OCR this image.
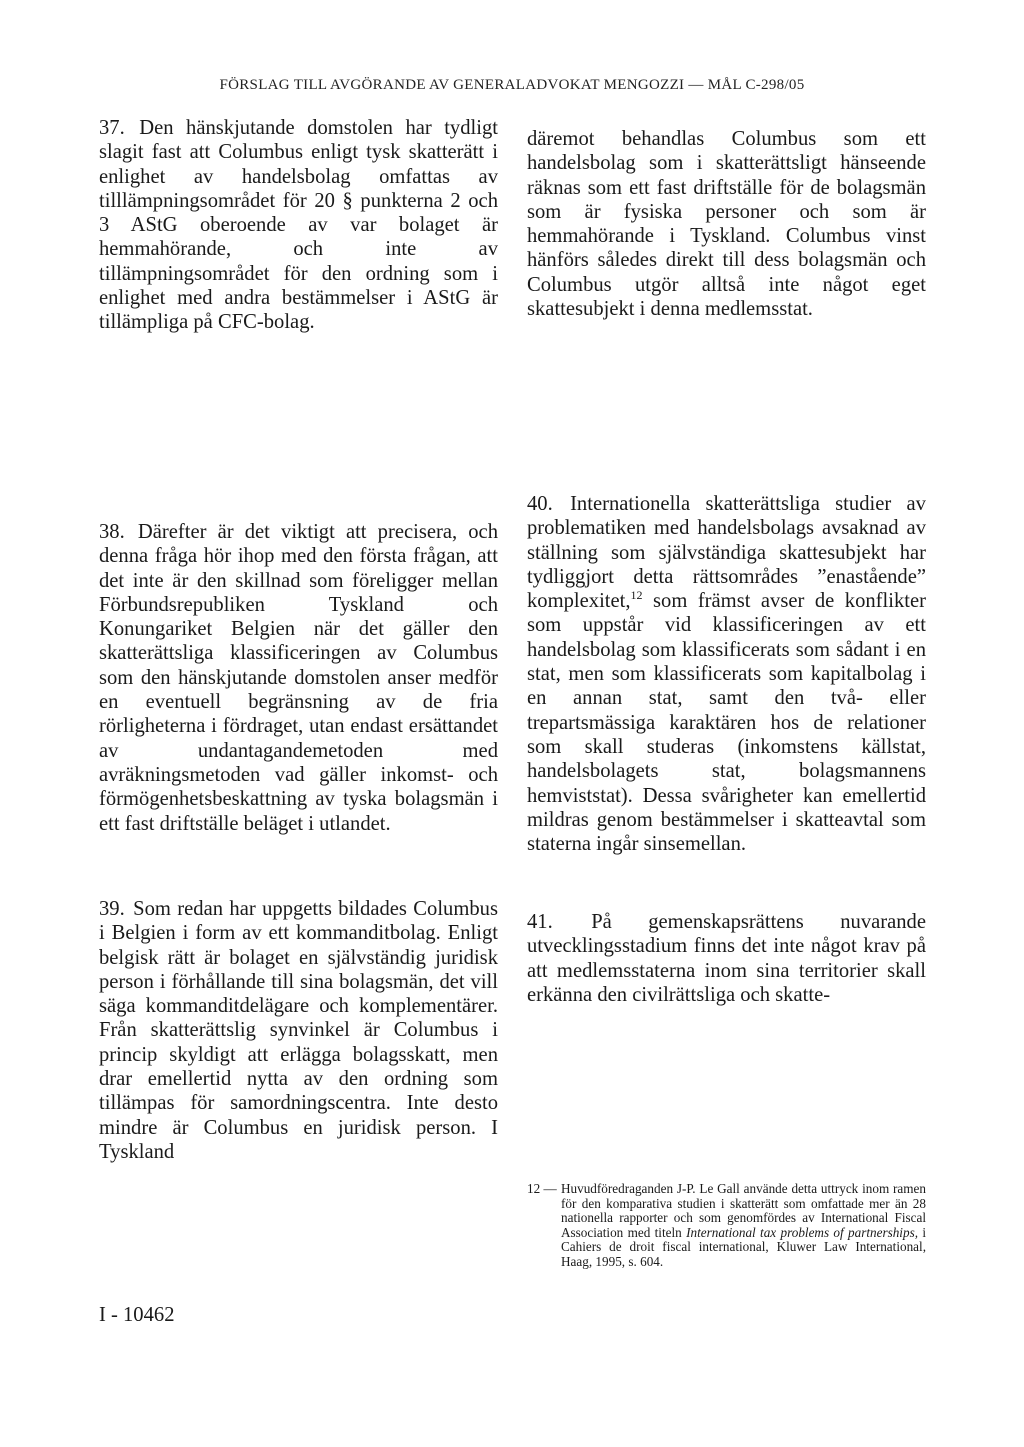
FÖRSLAG TILL AVGÖRANDE AV GENERALADVOKAT MENGOZZI — MÅL C-298/05

37. Den hänskjutande domstolen har tydligt slagit fast att Columbus enligt tysk skatterätt i enlighet av handelsbolag omfattas av tilllämpningsområdet för 20 § punkterna 2 och 3 AStG oberoende av var bolaget är hemmahörande, och inte av tillämpningsområdet för den ordning som i enlighet med andra bestämmelser i AStG är tillämpliga på CFC-bolag.

däremot behandlas Columbus som ett handelsbolag som i skatterättsligt hänseende räknas som ett fast driftställe för de bolagsmän som är fysiska personer och som är hemmahörande i Tyskland. Columbus vinst hänförs således direkt till dess bolagsmän och Columbus utgör alltså inte något eget skattesubjekt i denna medlemsstat.

38. Därefter är det viktigt att precisera, och denna fråga hör ihop med den första frågan, att det inte är den skillnad som föreligger mellan Förbundsrepubliken Tyskland och Konungariket Belgien när det gäller den skatterättsliga klassificeringen av Columbus som den hänskjutande domstolen anser medför en eventuell begränsning av de fria rörligheterna i fördraget, utan endast ersättandet av undantagandemetoden med avräkningsmetoden vad gäller inkomst- och förmögenhetsbeskattning av tyska bolagsmän i ett fast driftställe beläget i utlandet.

40. Internationella skatterättsliga studier av problematiken med handelsbolags avsaknad av ställning som självständiga skattesubjekt har tydliggjort detta rättsområdes ”enastående” komplexitet,$^{12}$ som främst avser de konflikter som uppstår vid klassificeringen av ett handelsbolag som klassificerats som sådant i en stat, men som klassificerats som kapitalbolag i en annan stat, samt den två- eller trepartsmässiga karaktären hos de relationer som skall studeras (inkomstens källstat, handelsbolagets stat, bolagsmannens hemviststat). Dessa svårigheter kan emellertid mildras genom bestämmelser i skatteavtal som staterna ingår sinsemellan.

39. Som redan har uppgetts bildades Columbus i Belgien i form av ett kommanditbolag. Enligt belgisk rätt är bolaget en självständig juridisk person i förhållande till sina bolagsmän, det vill säga kommanditdelägare och komplementärer. Från skatterättslig synvinkel är Columbus i princip skyldigt att erlägga bolagsskatt, men drar emellertid nytta av den ordning som tillämpas för samordningscentra. Inte desto mindre är Columbus en juridisk person. I Tyskland

41. På gemenskapsrättens nuvarande utvecklingsstadium finns det inte något krav på att medlemsstaterna inom sina territorier skall erkänna den civilrättsliga och skatte-

12 — Huvudföredraganden J-P. Le Gall använde detta uttryck inom ramen för den komparativa studien i skatterätt som omfattade mer än 28 nationella rapporter och som genomfördes av International Fiscal Association med titeln International tax problems of partnerships, i Cahiers de droit fiscal international, Kluwer Law International, Haag, 1995, s. 604.
I - 10462
